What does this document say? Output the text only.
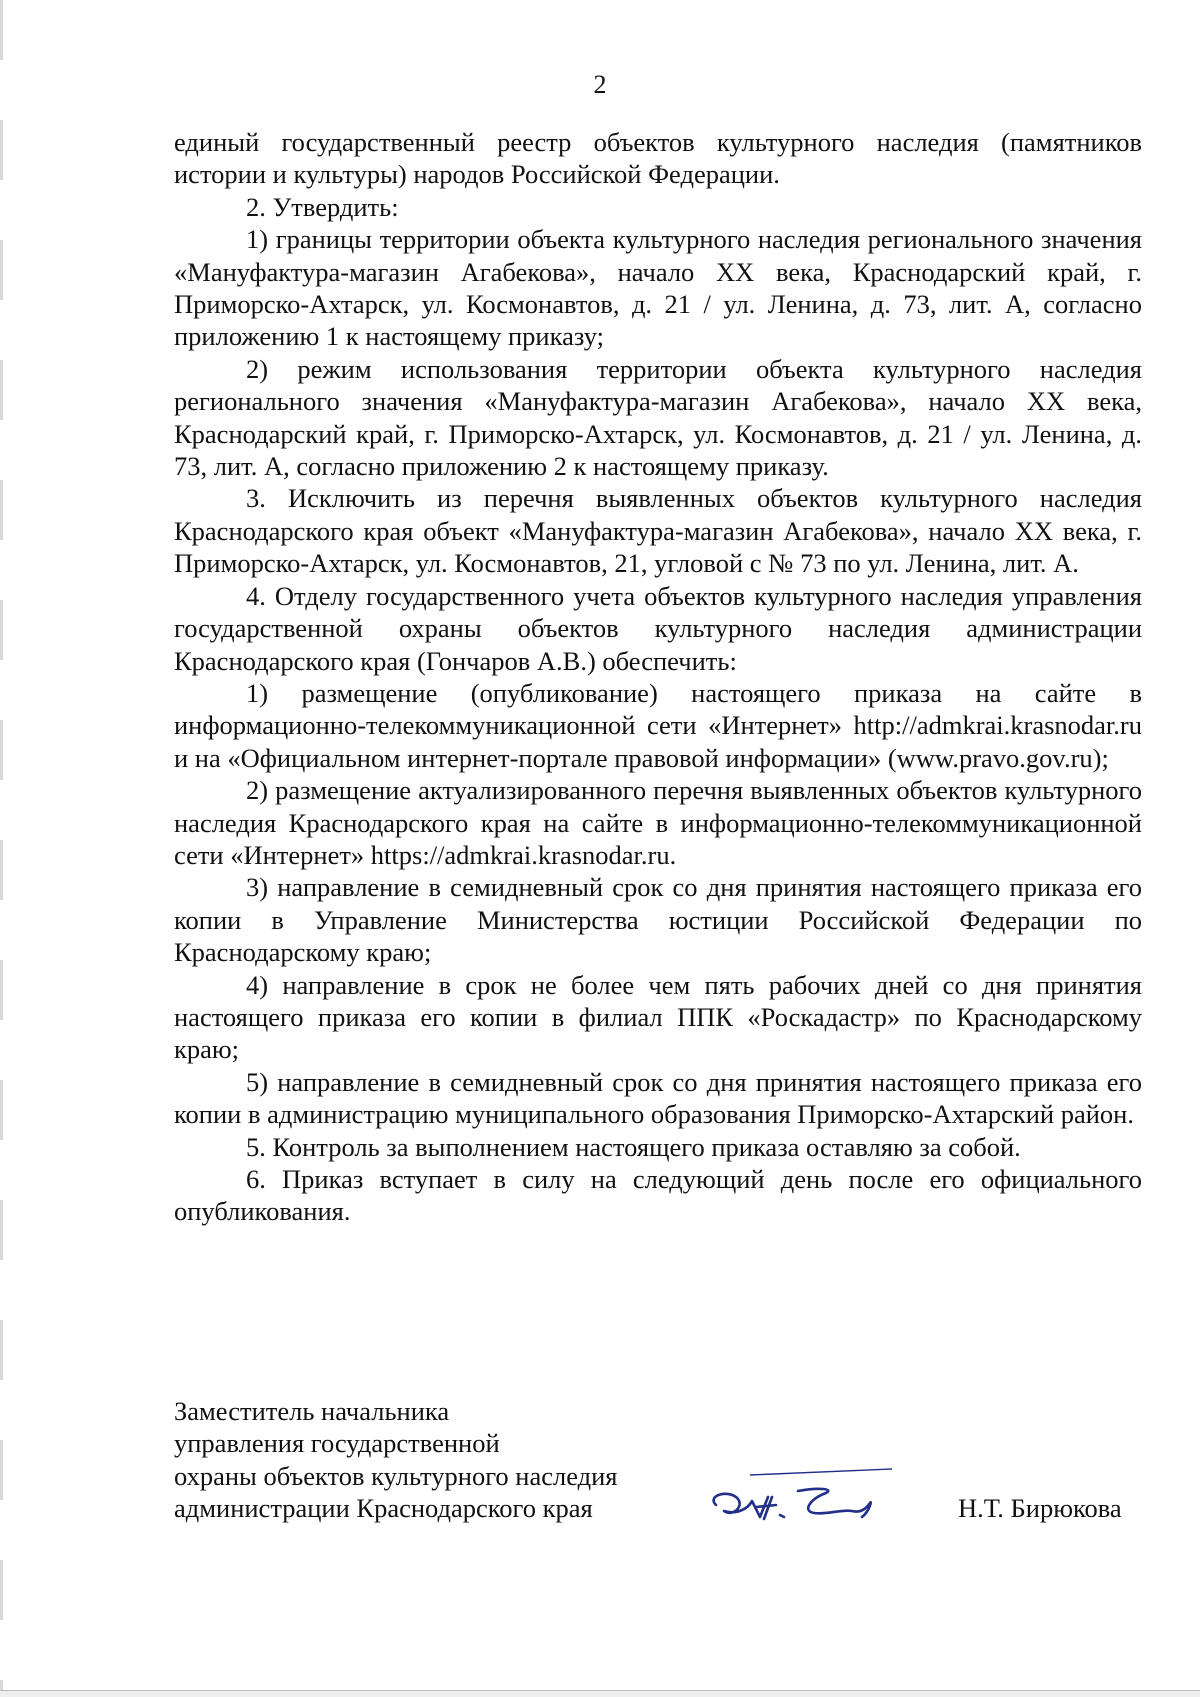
2

единый государственный реестр объектов культурного наследия (памятников истории и культуры) народов Российской Федерации.

2. Утвердить:

1) границы территории объекта культурного наследия регионального значения «Мануфактура-магазин Агабекова», начало XX века, Краснодарский край, г. Приморско-Ахтарск, ул. Космонавтов, д. 21 / ул. Ленина, д. 73, лит. А, согласно приложению 1 к настоящему приказу;

2) режим использования территории объекта культурного наследия регионального значения «Мануфактура-магазин Агабекова», начало XX века, Краснодарский край, г. Приморско-Ахтарск, ул. Космонавтов, д. 21 / ул. Ленина, д. 73, лит. А, согласно приложению 2 к настоящему приказу.

3. Исключить из перечня выявленных объектов культурного наследия Краснодарского края объект «Мануфактура-магазин Агабекова», начало XX века, г. Приморско-Ахтарск, ул. Космонавтов, 21, угловой с № 73 по ул. Ленина, лит. А.

4. Отделу государственного учета объектов культурного наследия управления государственной охраны объектов культурного наследия администрации Краснодарского края (Гончаров А.В.) обеспечить:

1) размещение (опубликование) настоящего приказа на сайте в информационно-телекоммуникационной сети «Интернет» http://admkrai.krasnodar.ru и на «Официальном интернет-портале правовой информации» (www.pravo.gov.ru);

2) размещение актуализированного перечня выявленных объектов культурного наследия Краснодарского края на сайте в информационно-телекоммуникационной сети «Интернет» https://admkrai.krasnodar.ru.

3) направление в семидневный срок со дня принятия настоящего приказа его копии в Управление Министерства юстиции Российской Федерации по Краснодарскому краю;

4) направление в срок не более чем пять рабочих дней со дня принятия настоящего приказа его копии в филиал ППК «Роскадастр» по Краснодарскому краю;

5) направление в семидневный срок со дня принятия настоящего приказа его копии в администрацию муниципального образования Приморско-Ахтарский район.

5. Контроль за выполнением настоящего приказа оставляю за собой.

6. Приказ вступает в силу на следующий день после его официального опубликования.

Заместитель начальника
управления государственной
охраны объектов культурного наследия
администрации Краснодарского края	Н.Т. Бирюкова
